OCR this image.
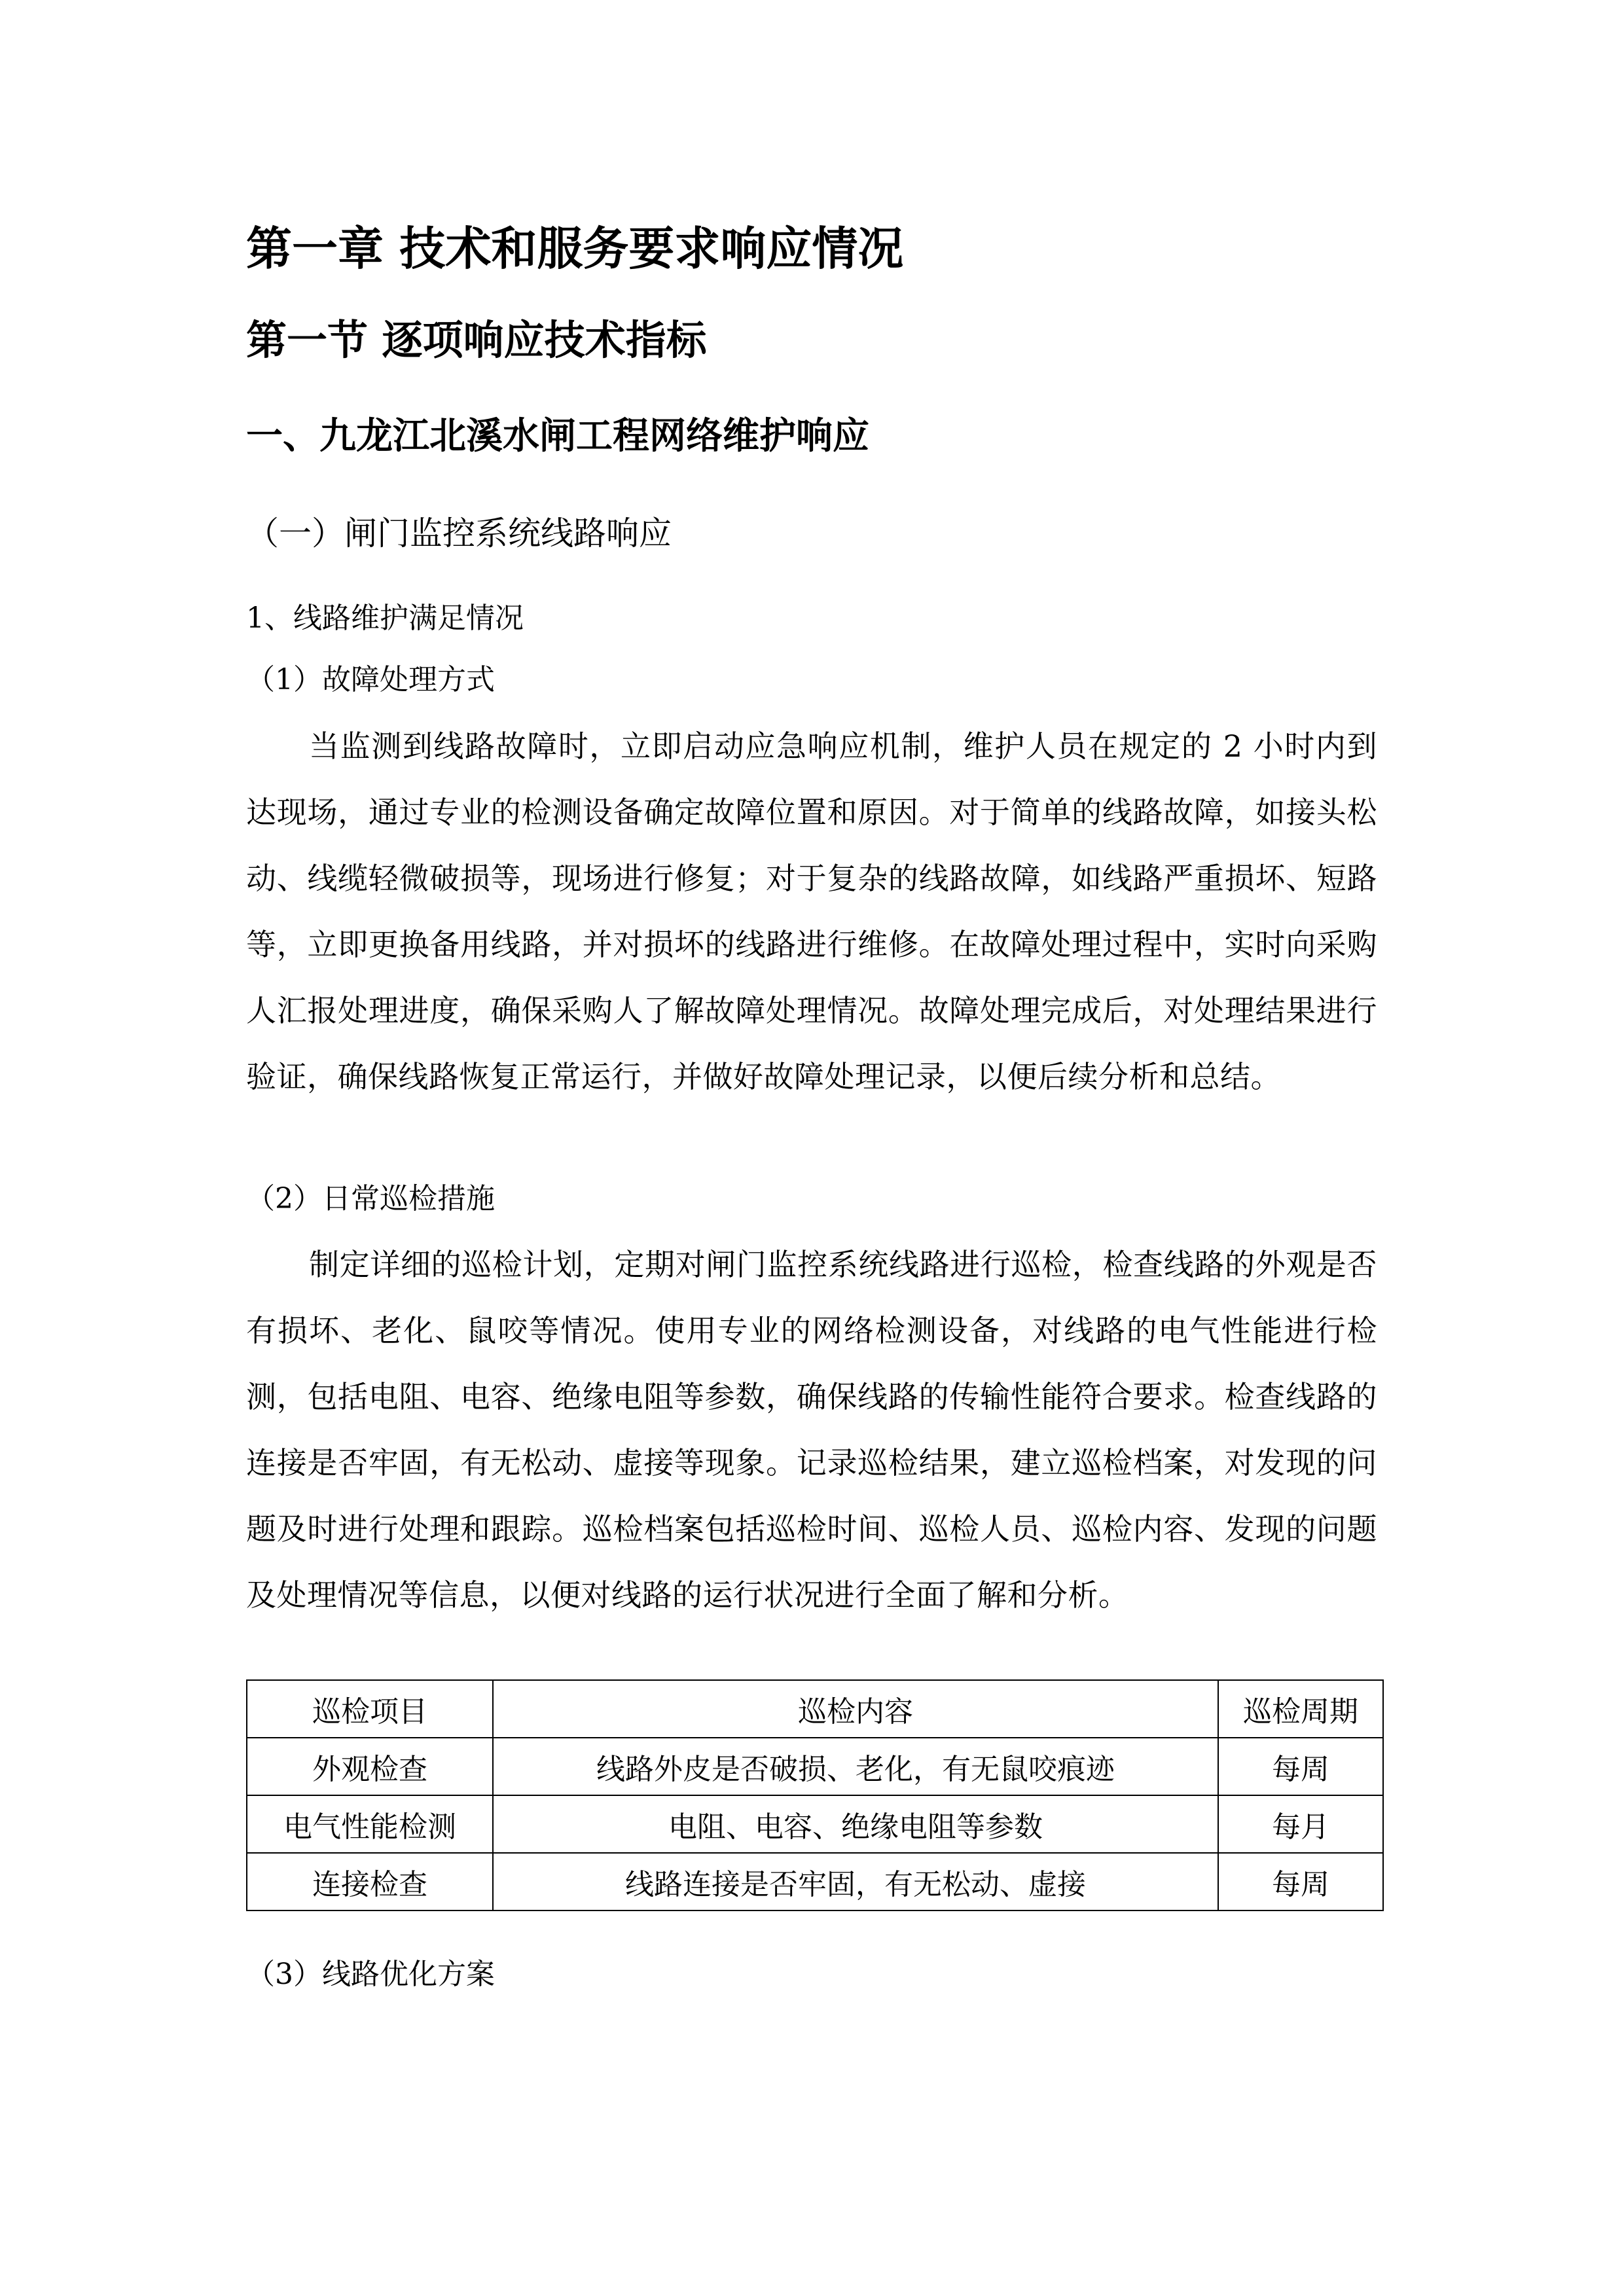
第一章 技术和服务要求响应情况
第一节 逐项响应技术指标
一、九龙江北溪水闸工程网络维护响应
（一）闸门监控系统线路响应

1、线路维护满足情况

（1）故障处理方式

当监测到线路故障时，立即启动应急响应机制，维护人员在规定的 2 小时内到达现场，通过专业的检测设备确定故障位置和原因。对于简单的线路故障，如接头松动、线缆轻微破损等，现场进行修复；对于复杂的线路故障，如线路严重损坏、短路等，立即更换备用线路，并对损坏的线路进行维修。在故障处理过程中，实时向采购人汇报处理进度，确保采购人了解故障处理情况。故障处理完成后，对处理结果进行验证，确保线路恢复正常运行，并做好故障处理记录，以便后续分析和总结。

（2）日常巡检措施

制定详细的巡检计划，定期对闸门监控系统线路进行巡检，检查线路的外观是否有损坏、老化、鼠咬等情况。使用专业的网络检测设备，对线路的电气性能进行检测，包括电阻、电容、绝缘电阻等参数，确保线路的传输性能符合要求。检查线路的连接是否牢固，有无松动、虚接等现象。记录巡检结果，建立巡检档案，对发现的问题及时进行处理和跟踪。巡检档案包括巡检时间、巡检人员、巡检内容、发现的问题及处理情况等信息，以便对线路的运行状况进行全面了解和分析。

巡检项目	巡检内容	巡检周期
外观检查	线路外皮是否破损、老化，有无鼠咬痕迹	每周
电气性能检测	电阻、电容、绝缘电阻等参数	每月
连接检查	线路连接是否牢固，有无松动、虚接	每周

（3）线路优化方案
